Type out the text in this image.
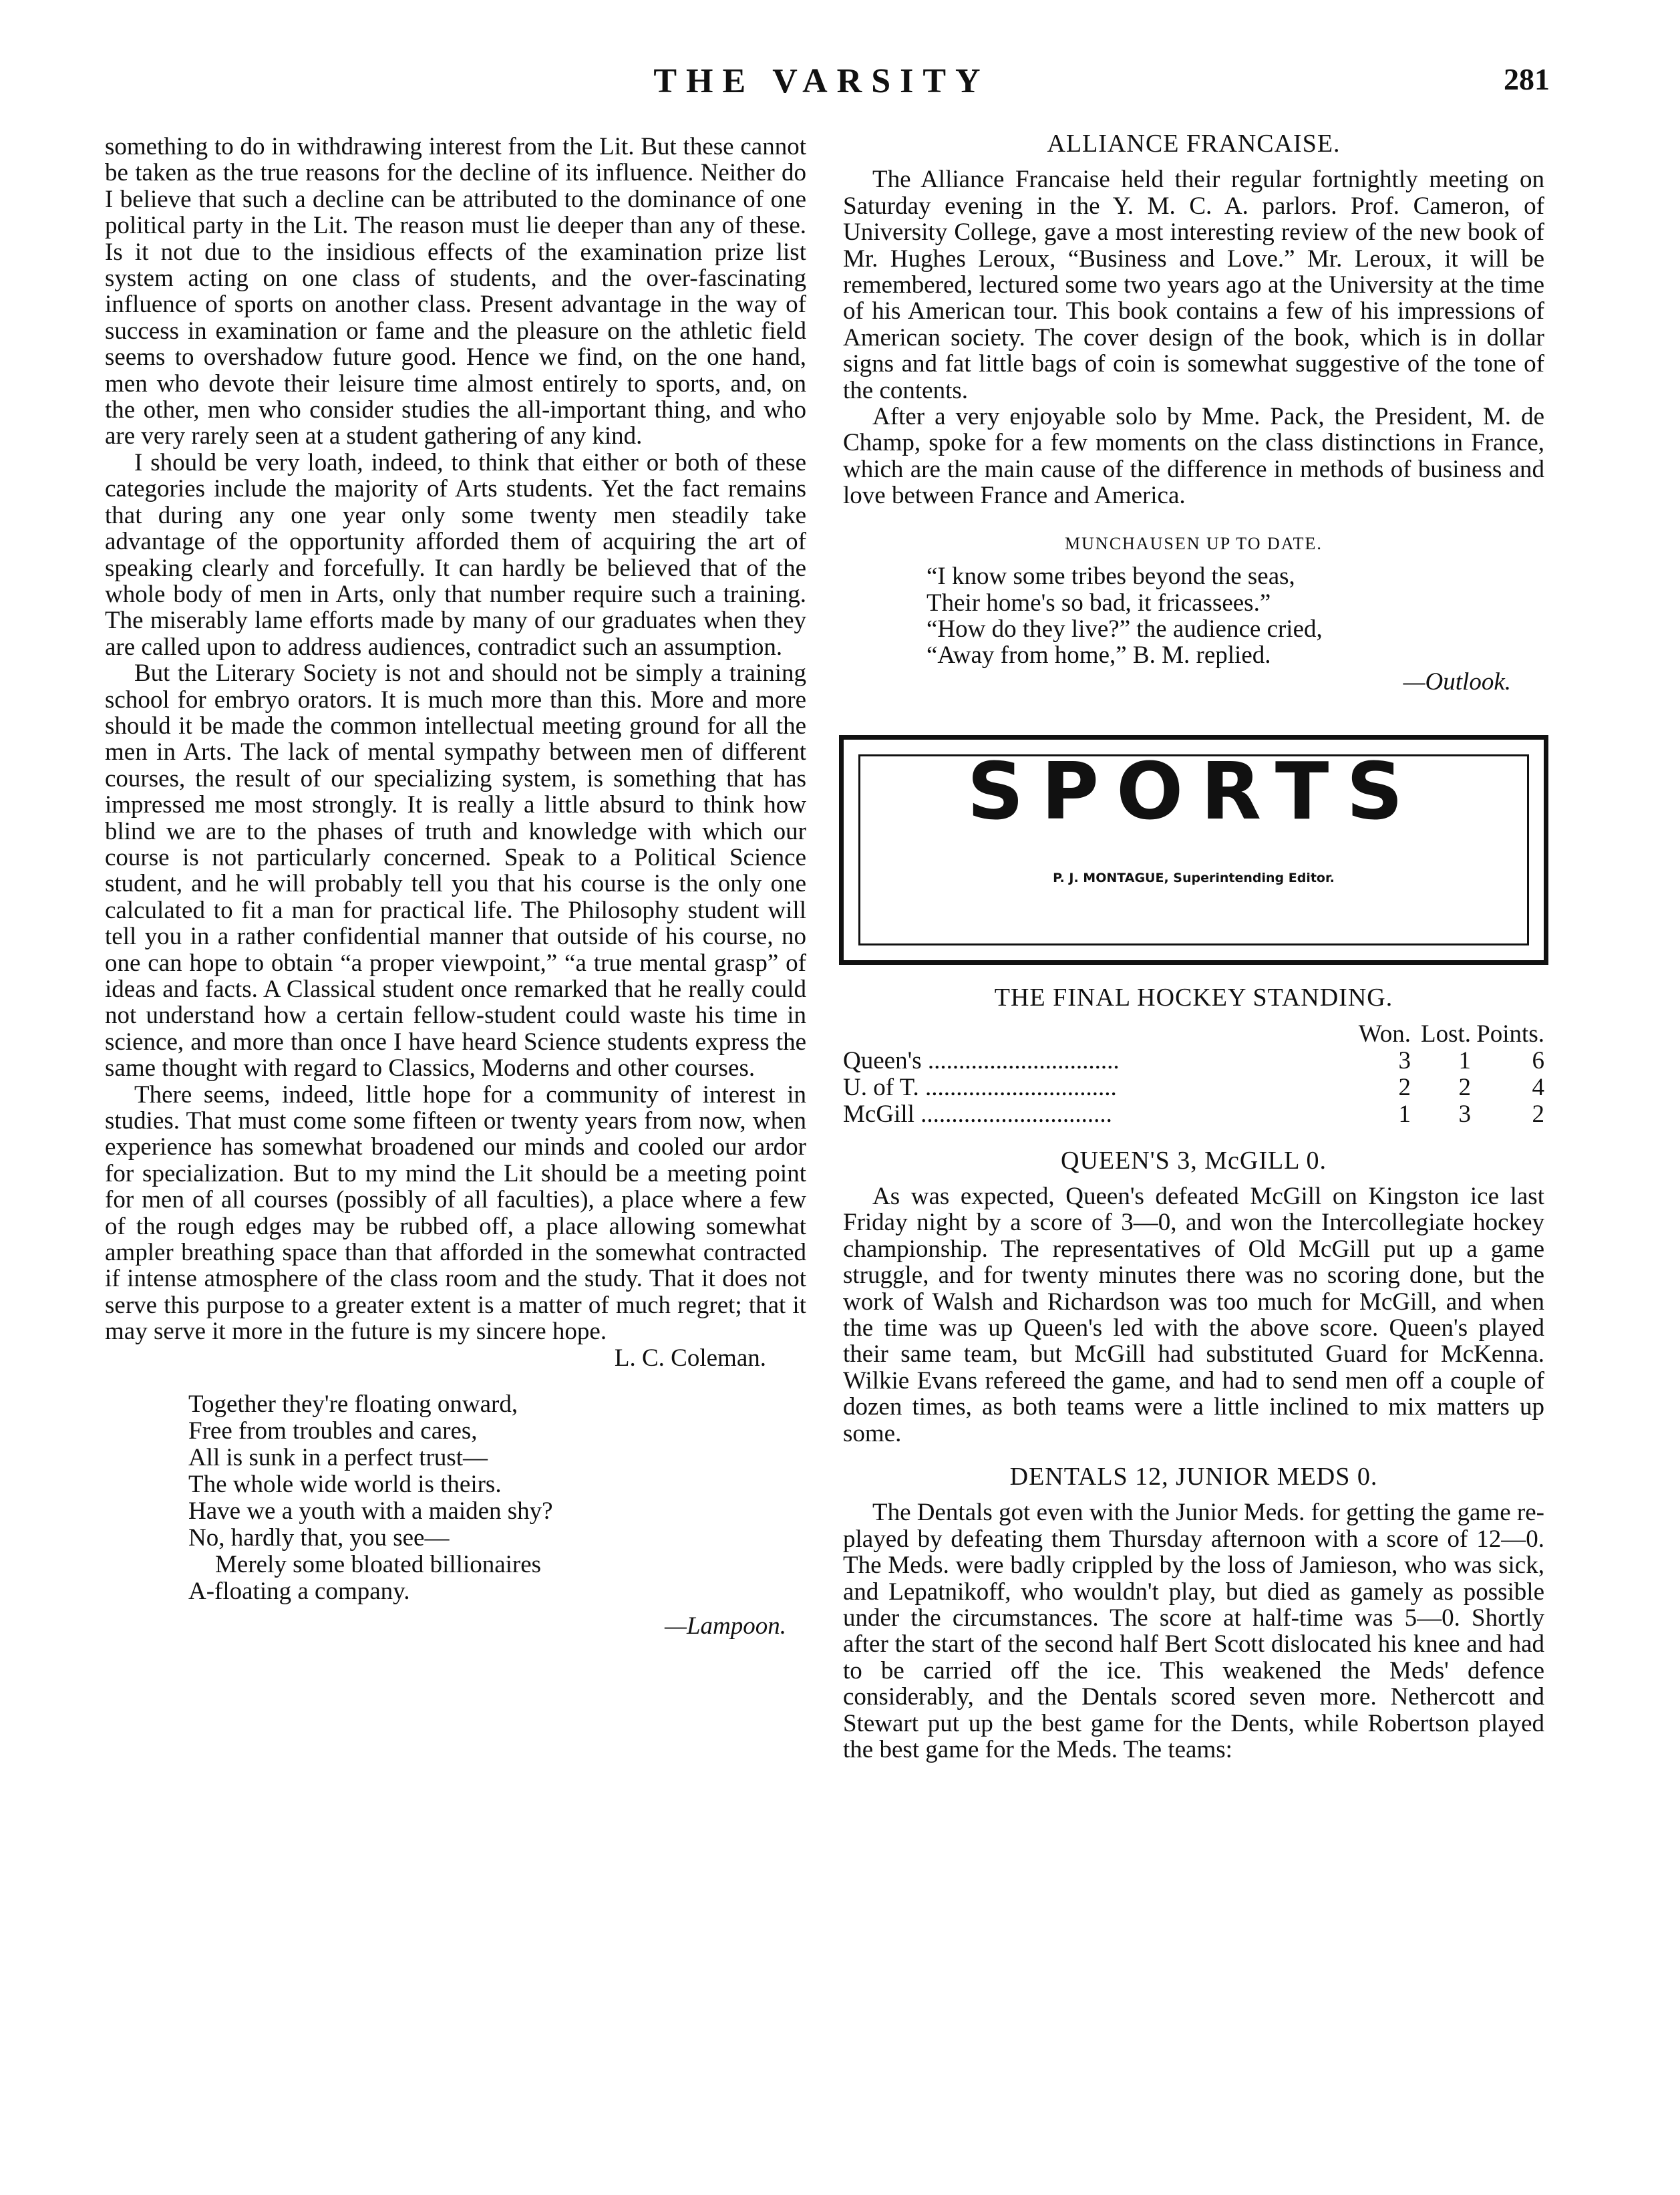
THE VARSITY	281

something to do in withdrawing interest from the Lit. But these cannot be taken as the true reasons for the decline of its influence. Neither do I believe that such a decline can be attributed to the dominance of one political party in the Lit. The reason must lie deeper than any of these. Is it not due to the insidious effects of the examination prize list system acting on one class of students, and the over-fascinating influence of sports on another class. Present advantage in the way of success in examination or fame and the pleasure on the athletic field seems to overshadow future good. Hence we find, on the one hand, men who devote their leisure time almost entirely to sports, and, on the other, men who consider studies the all-important thing, and who are very rarely seen at a student gathering of any kind.

I should be very loath, indeed, to think that either or both of these categories include the majority of Arts students. Yet the fact remains that during any one year only some twenty men steadily take advantage of the opportunity afforded them of acquiring the art of speaking clearly and forcefully. It can hardly be believed that of the whole body of men in Arts, only that number require such a training. The miserably lame efforts made by many of our graduates when they are called upon to address audiences, contradict such an assumption.

But the Literary Society is not and should not be simply a training school for embryo orators. It is much more than this. More and more should it be made the common intellectual meeting ground for all the men in Arts. The lack of mental sympathy between men of different courses, the result of our specializing system, is something that has impressed me most strongly. It is really a little absurd to think how blind we are to the phases of truth and knowledge with which our course is not particularly concerned. Speak to a Political Science student, and he will probably tell you that his course is the only one calculated to fit a man for practical life. The Philosophy student will tell you in a rather confidential manner that outside of his course, no one can hope to obtain “a proper viewpoint,” “a true mental grasp” of ideas and facts. A Classical student once remarked that he really could not understand how a certain fellow-student could waste his time in science, and more than once I have heard Science students express the same thought with regard to Classics, Moderns and other courses.

There seems, indeed, little hope for a community of interest in studies. That must come some fifteen or twenty years from now, when experience has somewhat broadened our minds and cooled our ardor for specialization. But to my mind the Lit should be a meeting point for men of all courses (possibly of all faculties), a place where a few of the rough edges may be rubbed off, a place allowing somewhat ampler breathing space than that afforded in the somewhat contracted if intense atmosphere of the class room and the study. That it does not serve this purpose to a greater extent is a matter of much regret; that it may serve it more in the future is my sincere hope.

L. C. Coleman.
Together they're floating onward,
Free from troubles and cares,
All is sunk in a perfect trust—
The whole wide world is theirs.
Have we a youth with a maiden shy?
No, hardly that, you see—
Merely some bloated billionaires
A-floating a company.
—Lampoon.
ALLIANCE FRANCAISE.

The Alliance Francaise held their regular fortnightly meeting on Saturday evening in the Y. M. C. A. parlors. Prof. Cameron, of University College, gave a most interesting review of the new book of Mr. Hughes Leroux, “Business and Love.” Mr. Leroux, it will be remembered, lectured some two years ago at the University at the time of his American tour. This book contains a few of his impressions of American society. The cover design of the book, which is in dollar signs and fat little bags of coin is somewhat suggestive of the tone of the contents.

After a very enjoyable solo by Mme. Pack, the President, M. de Champ, spoke for a few moments on the class distinctions in France, which are the main cause of the difference in methods of business and love between France and America.

MUNCHAUSEN UP TO DATE.
“I know some tribes beyond the seas,
Their home's so bad, it fricassees.”
“How do they live?” the audience cried,
“Away from home,” B. M. replied.
—Outlook.
SPORTS
P. J. MONTAGUE, Superintending Editor.
THE FINAL HOCKEY STANDING.
	Won.	Lost.	Points.
Queen's ...............................	3	1	6
U. of T. ...............................	2	2	4
McGill ...............................	1	3	2
QUEEN'S 3, McGILL 0.

As was expected, Queen's defeated McGill on Kingston ice last Friday night by a score of 3—0, and won the Intercollegiate hockey championship. The representatives of Old McGill put up a game struggle, and for twenty minutes there was no scoring done, but the work of Walsh and Richardson was too much for McGill, and when the time was up Queen's led with the above score. Queen's played their same team, but McGill had substituted Guard for McKenna. Wilkie Evans refereed the game, and had to send men off a couple of dozen times, as both teams were a little inclined to mix matters up some.

DENTALS 12, JUNIOR MEDS 0.

The Dentals got even with the Junior Meds. for getting the game re-played by defeating them Thursday afternoon with a score of 12—0. The Meds. were badly crippled by the loss of Jamieson, who was sick, and Lepatnikoff, who wouldn't play, but died as gamely as possible under the circumstances. The score at half-time was 5—0. Shortly after the start of the second half Bert Scott dislocated his knee and had to be carried off the ice. This weakened the Meds' defence considerably, and the Dentals scored seven more. Nethercott and Stewart put up the best game for the Dents, while Robertson played the best game for the Meds. The teams:
